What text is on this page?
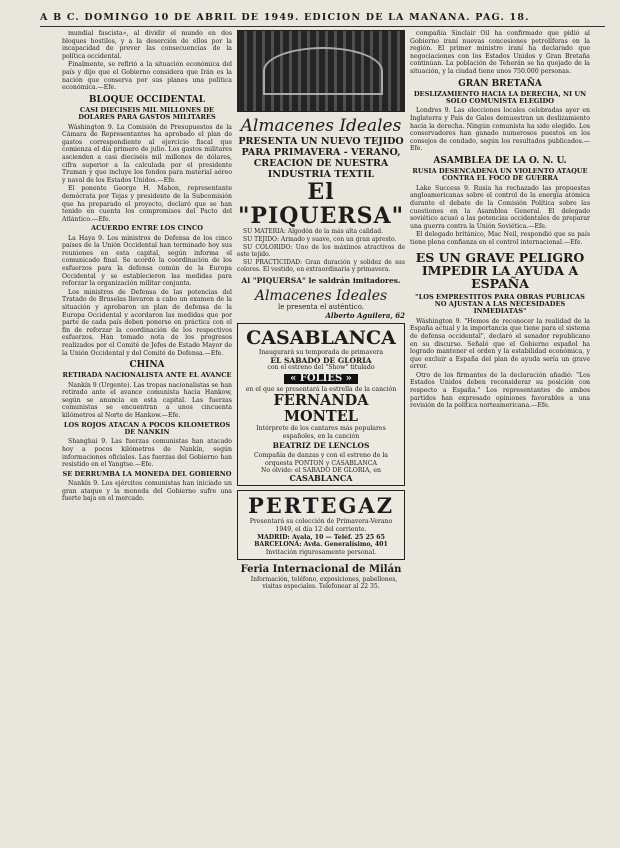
A B C. DOMINGO 10 DE ABRIL DE 1949. EDICION DE LA MAÑANA. PAG. 18.

mundial fascista», al dividir el mundo en dos bloques hostiles, y a la deserción de ellos por la incapacidad de prever las consecuencias de la política occidental.

Finalmente, se refirió a la situación económica del país y dijo que el Gobierno considera que Irán es la nación que conserva por sus planes una política económica.—Efe.

BLOQUE OCCIDENTAL
CASI DIECISEIS MIL MILLONES DE DOLARES PARA GASTOS MILITARES

Wáshington 9. La Comisión de Presupuestos de la Cámara de Representantes ha aprobado el plan de gastos correspondiente al ejercicio fiscal que comienza el día primero de julio. Los gastos militares ascienden a casi dieciséis mil millones de dólares, cifra superior a la calculada por el presidente Truman y que incluye los fondos para material aéreo y naval de los Estados Unidos.—Efe.

El ponente George H. Mahon, representante demócrata por Tejas y presidente de la Subcomisión que ha preparado el proyecto, declaró que se han tenido en cuenta los compromisos del Pacto del Atlántico.—Efe.

ACUERDO ENTRE LOS CINCO

La Haya 9. Los ministros de Defensa de los cinco países de la Unión Occidental han terminado hoy sus reuniones en esta capital, según informa el comunicado final. Se acordó la coordinación de los esfuerzos para la defensa común de la Europa Occidental y se establecieron las medidas para reforzar la organización militar conjunta.

Los ministros de Defensa de las potencias del Tratado de Bruselas llevaron a cabo un examen de la situación y aprobaron un plan de defensa de la Europa Occidental y acordaron las medidas que por parte de cada país deben ponerse en práctica con el fin de reforzar la coordinación de los respectivos esfuerzos. Han tomado nota de los progresos realizados por el Comité de Jefes de Estado Mayor de la Unión Occidental y del Comité de Defensa.—Efe.

CHINA
RETIRADA NACIONALISTA ANTE EL AVANCE

Nankín 9 (Urgente). Las tropas nacionalistas se han retirado ante el avance comunista hacia Hankow, según se anuncia en esta capital. Las fuerzas comunistas se encuentran a unos cincuenta kilómetros al Norte de Hankow.—Efe.

LOS ROJOS ATACAN A POCOS KILOMETROS DE NANKIN

Shanghai 9. Las fuerzas comunistas han atacado hoy a pocos kilómetros de Nankín, según informaciones oficiales. Las fuerzas del Gobierno han resistido en el Yangtse.—Efe.

SE DERRUMBA LA MONEDA DEL GOBIERNO

Nankín 9. Los ejércitos comunistas han iniciado un gran ataque y la moneda del Gobierno sufre una fuerte baja en el mercado.

Almacenes Ideales
PRESENTA UN NUEVO TEJIDO PARA PRIMAVERA - VERANO, CREACION DE NUESTRA INDUSTRIA TEXTIL
El "PIQUERSA"

SU MATERIA: Algodón de la más alta calidad.

SU TEJIDO: Armado y suave, con un gran apresto.

SU COLORIDO: Uno de los máximos atractivos de este tejido.

SU PRACTICIDAD: Gran duración y solidez de sus colores. El vestido, en extraordinaria y primavera.

Al "PIQUERSA" le saldrán imitadores.
Almacenes Ideales
le presenta el auténtico.
Alberto Aguilera, 62
CASABLANCA
Inaugurará su temporada de primavera
EL SABADO DE GLORIA
con el estreno del "Show" titulado
« FOLIES »
en el que se presentará la estrella de la canción
FERNANDA MONTEL
Intérprete de los cantares más populares españoles, en la canción
BEATRIZ DE LENCLOS
Compañía de danzas y con el estreno de la orquesta PONTON y CASABLANCA
No olvide: el SABADO DE GLORIA, en
CASABLANCA
PERTEGAZ
Presentará su colección de Primavera-Verano 1949, el día 12 del corriente.
MADRID: Ayala, 10 — Teléf. 25 25 65
BARCELONA: Avda. Generalísimo, 401
Invitación rigurosamente personal.
Feria Internacional de Milán

Información, teléfono, exposiciones, pabellones, visitas especiales. Telefonear al 22 35.

compañía Sinclair Oil ha confirmado que pidió al Gobierno iraní nuevas concesiones petrolíferas en la región. El primer ministro iraní ha declarado que negociaciones con los Estados Unidos y Gran Bretaña continúan. La población de Teherán se ha quejado de la situación, y la ciudad tiene unos 750.000 personas.

GRAN BRETAÑA
DESLIZAMIENTO HACIA LA DERECHA, NI UN SOLO COMUNISTA ELEGIDO

Londres 9. Las elecciones locales celebradas ayer en Inglaterra y País de Gales demuestran un deslizamiento hacia la derecha. Ningún comunista ha sido elegido. Los conservadores han ganado numerosos puestos en los consejos de condado, según los resultados publicados.—Efe.

ASAMBLEA DE LA O. N. U.
RUSIA DESENCADENA UN VIOLENTO ATAQUE CONTRA EL FOCO DE GUERRA

Lake Success 9. Rusia ha rechazado las propuestas angloamericanas sobre el control de la energía atómica durante el debate de la Comisión Política sobre las cuestiones en la Asamblea General. El delegado soviético acusó a las potencias occidentales de preparar una guerra contra la Unión Soviética.—Efe.

El delegado británico, Mac Neil, respondió que su país tiene plena confianza en el control internacional.—Efe.

ES UN GRAVE PELIGRO IMPEDIR LA AYUDA A ESPAÑA
"LOS EMPRESTITOS PARA OBRAS PUBLICAS NO AJUSTAN A LAS NECESIDADES INMEDIATAS"

Wáshington 9. "Hemos de reconocer la realidad de la España actual y la importancia que tiene para el sistema de defensa occidental", declaró el senador republicano en su discurso. Señaló que el Gobierno español ha logrado mantener el orden y la estabilidad económica, y que excluir a España del plan de ayuda sería un grave error.

Otro de los firmantes de la declaración añadió: "Los Estados Unidos deben reconsiderar su posición con respecto a España." Los representantes de ambos partidos han expresado opiniones favorables a una revisión de la política norteamericana.—Efe.
